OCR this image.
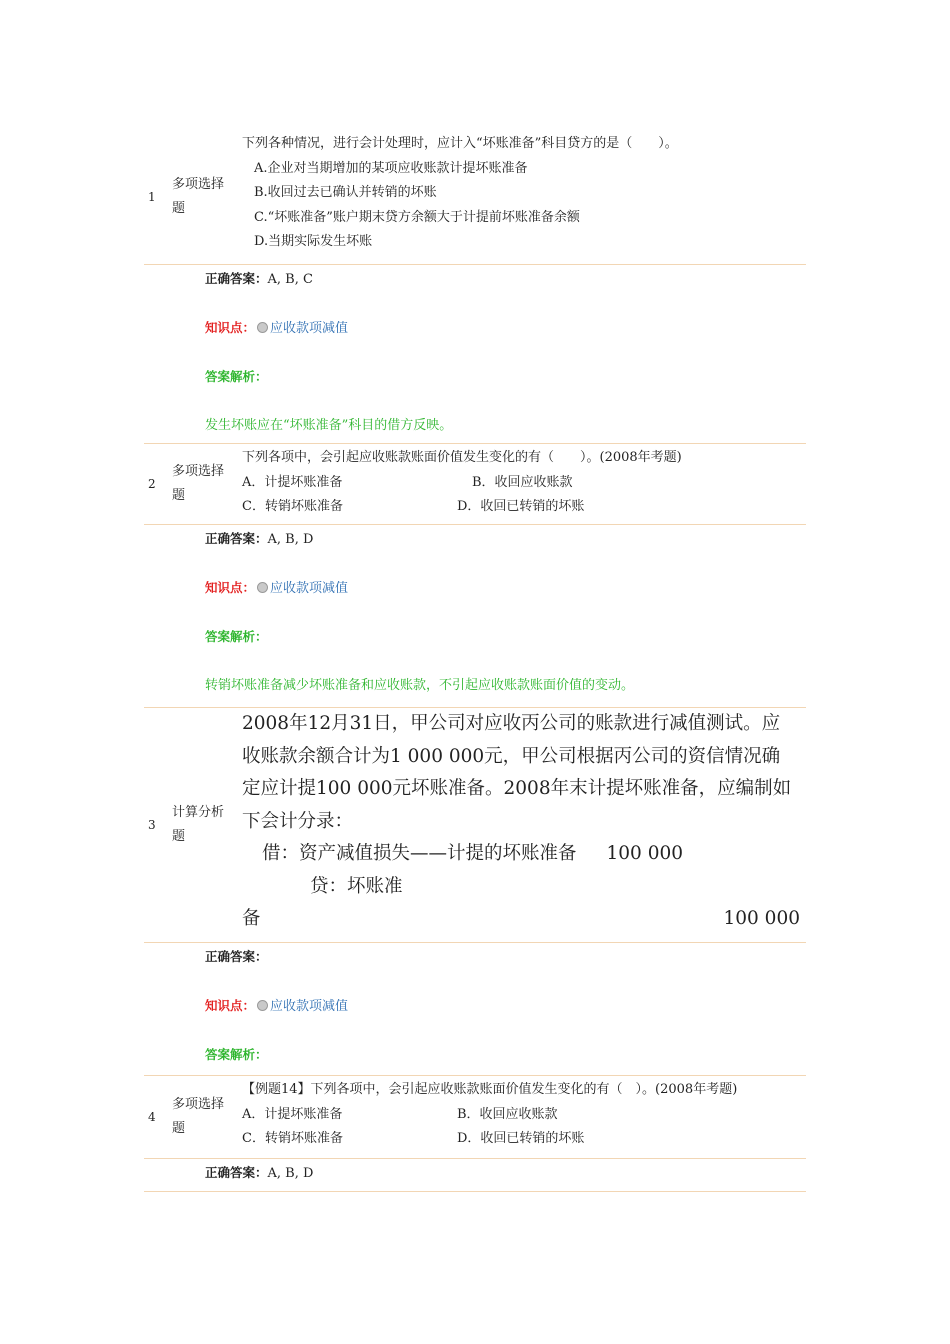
1
多项选择题

下列各种情况，进行会计处理时，应计入“坏账准备”科目贷方的是（　　）。

A.企业对当期增加的某项应收账款计提坏账准备

B.收回过去已确认并转销的坏账

C.“坏账准备”账户期末贷方余额大于计提前坏账准备余额

D.当期实际发生坏账

正确答案：A, B, C
知识点： 应收款项减值
答案解析：
发生坏账应在“坏账准备”科目的借方反映。
2
多项选择题

下列各项中，会引起应收账款账面价值发生变化的有（　　）。(2008年考题)

A．计提坏账准备	B．收回应收账款

C．转销坏账准备	D．收回已转销的坏账

正确答案：A, B, D
知识点： 应收款项减值
答案解析：
转销坏账准备减少坏账准备和应收账款，不引起应收账款账面价值的变动。
3
计算分析题

2008年12月31日，甲公司对应收丙公司的账款进行减值测试。应

收账款余额合计为1 000 000元，甲公司根据丙公司的资信情况确

定应计提100 000元坏账准备。2008年末计提坏账准备，应编制如

下会计分录：

借：资产减值损失——计提的坏账准备 100 000

贷：坏账准

备	100 000

正确答案：
知识点： 应收款项减值
答案解析：
4
多项选择题

【例题14】下列各项中，会引起应收账款账面价值发生变化的有（　）。(2008年考题)

A．计提坏账准备	B．收回应收账款

C．转销坏账准备	D．收回已转销的坏账

正确答案：A, B, D
